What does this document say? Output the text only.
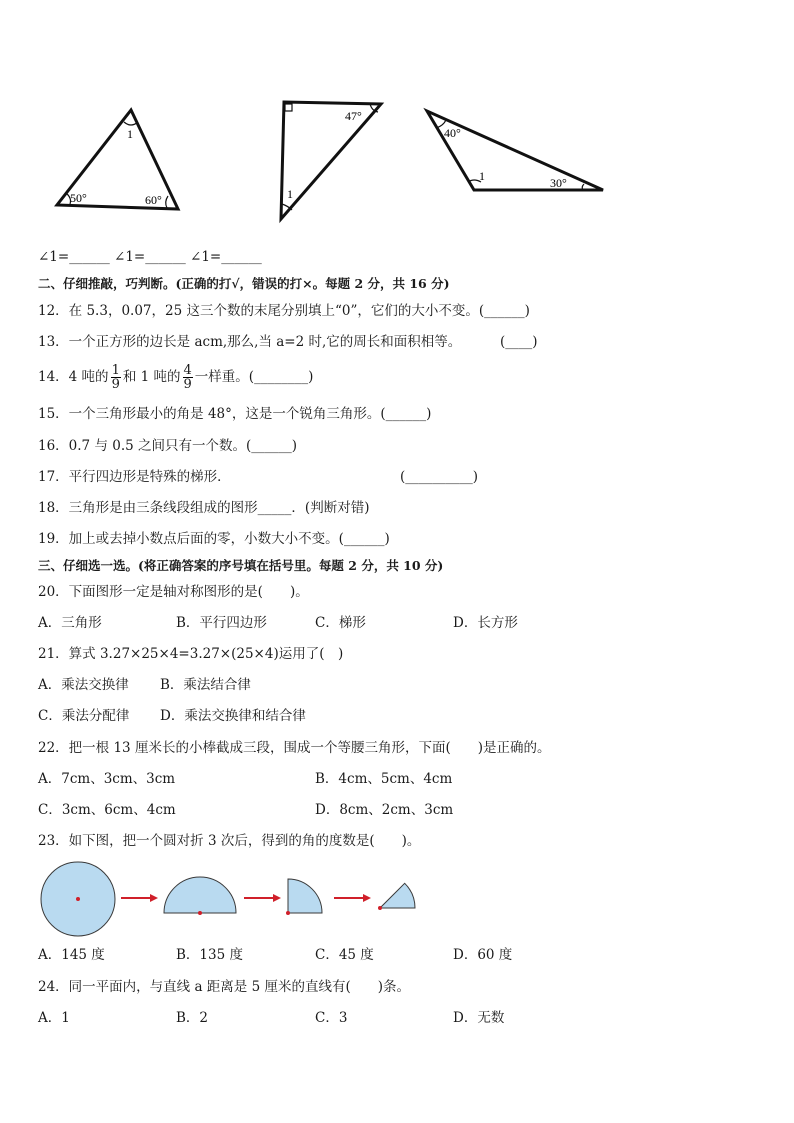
1
50°	60°
47°
1
40°
1	30°
∠1=______ ∠1=______ ∠1=______
二、仔细推敲，巧判断。(正确的打√，错误的打×。每题 2 分，共 16 分)
12．在 5.3，0.07，25 这三个数的末尾分别填上“0”，它们的大小不变。(______)
13．一个正方形的边长是 acm,那么,当 a=2 时,它的周长和面积相等。	(____)
14．4 吨的 $\frac{1}{9}$ 和 1 吨的 $\frac{4}{9}$ 一样重。(________)
15．一个三角形最小的角是 48°，这是一个锐角三角形。(______)
16．0.7 与 0.5 之间只有一个数。(______)
17．平行四边形是特殊的梯形．	(__________)
18．三角形是由三条线段组成的图形_____．(判断对错)
19．加上或去掉小数点后面的零，小数大小不变。(______)
三、仔细选一选。(将正确答案的序号填在括号里。每题 2 分，共 10 分)
20．下面图形一定是轴对称图形的是(　　)。
A．三角形	B．平行四边形	C．梯形	D．长方形
21．算式 3.27×25×4=3.27×(25×4)运用了(　)
A．乘法交换律 B．乘法结合律
C．乘法分配律 D．乘法交换律和结合律
22．把一根 13 厘米长的小棒截成三段，围成一个等腰三角形，下面(　　)是正确的。
A．7cm、3cm、3cm	B．4cm、5cm、4cm
C．3cm、6cm、4cm	D．8cm、2cm、3cm
23．如下图，把一个圆对折 3 次后，得到的角的度数是(　　)。
A．145 度	B．135 度	C．45 度	D．60 度
24．同一平面内，与直线 a 距离是 5 厘米的直线有(　　)条。
A．1	B．2	C．3	D．无数
